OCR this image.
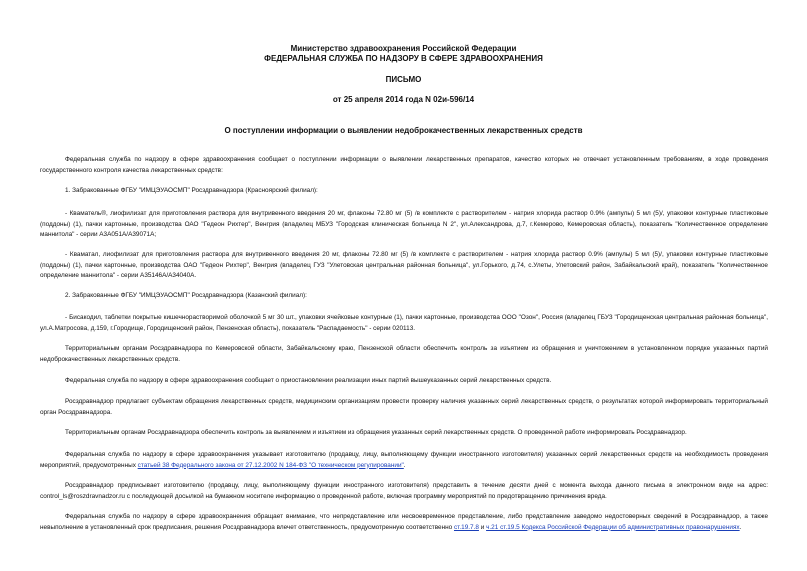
Министерство здравоохранения Российской Федерации
ФЕДЕРАЛЬНАЯ СЛУЖБА ПО НАДЗОРУ В СФЕРЕ ЗДРАВООХРАНЕНИЯ
ПИСЬМО
от 25 апреля 2014 года N 02и-596/14
О поступлении информации о выявлении недоброкачественных лекарственных средств

Федеральная служба по надзору в сфере здравоохранения сообщает о поступлении информации о выявлении лекарственных препаратов, качество которых не отвечает установленным требованиям, в ходе проведения государственного контроля качества лекарственных средств:

1. Забракованные ФГБУ "ИМЦЭУАОСМП" Росздравнадзора (Красноярский филиал):

- Кваматель®, лиофилизат для приготовления раствора для внутривенного введения 20 мг, флаконы 72.80 мг (5) /в комплекте с растворителем - натрия хлорида раствор 0.9% (ампулы) 5 мл (5)/, упаковки контурные пластиковые (поддоны) (1), пачки картонные, производства ОАО "Гедеон Рихтер", Венгрия (владелец МБУЗ "Городская клиническая больница N 2", ул.Александрова, д.7, г.Кемерово, Кемеровская область), показатель "Количественное определение маннитола" - серии A3A051A/A39071A;

- Кваматал, лиофилизат для приготовления раствора для внутривенного введения 20 мг, флаконы 72.80 мг (5) /в комплекте с растворителем - натрия хлорида раствор 0.9% (ампулы) 5 мл (5)/, упаковки контурные пластиковые (поддоны) (1), пачки картонные, производства ОАО "Гедеон Рихтер", Венгрия (владелец ГУЗ "Улетовская центральная районная больница", ул.Горького, д.74, с.Улеты, Улетовский район, Забайкальский край), показатель "Количественное определение маннитола" - серии A35146A/A34040A.

2. Забракованные ФГБУ "ИМЦЭУАОСМП" Росздравнадзора (Казанский филиал):

- Бисакодил, таблетки покрытые кишечнорастворимой оболочкой 5 мг 30 шт., упаковки ячейковые контурные (1), пачки картонные, производства ООО "Озон", Россия (владелец ГБУЗ "Городищенская центральная районная больница", ул.А.Матросова, д.159, г.Городище, Городищенский район, Пензенская область), показатель "Распадаемость" - серии 020113.

Территориальным органам Росздравнадзора по Кемеровской области, Забайкальскому краю, Пензенской области обеспечить контроль за изъятием из обращения и уничтожением в установленном порядке указанных партий недоброкачественных лекарственных средств.

Федеральная служба по надзору в сфере здравоохранения сообщает о приостановлении реализации иных партий вышеуказанных серий лекарственных средств.

Росздравнадзор предлагает субъектам обращения лекарственных средств, медицинским организациям провести проверку наличия указанных серий лекарственных средств, о результатах которой информировать территориальный орган Росздравнадзора.

Территориальным органам Росздравнадзора обеспечить контроль за выявлением и изъятием из обращения указанных серий лекарственных средств. О проведенной работе информировать Росздравнадзор.

Федеральная служба по надзору в сфере здравоохранения указывает изготовителю (продавцу, лицу, выполняющему функции иностранного изготовителя) указанных серий лекарственных средств на необходимость проведения мероприятий, предусмотренных статьей 38 Федерального закона от 27.12.2002 N 184-ФЗ "О техническом регулировании".

Росздравнадзор предписывает изготовителю (продавцу, лицу, выполняющему функции иностранного изготовителя) представить в течение десяти дней с момента выхода данного письма в электронном виде на адрес: control_ls@roszdravnadzor.ru с последующей досылкой на бумажном носителе информацию о проведенной работе, включая программу мероприятий по предотвращению причинения вреда.

Федеральная служба по надзору в сфере здравоохранения обращает внимание, что непредставление или несвоевременное представление, либо представление заведомо недостоверных сведений в Росздравнадзор, а также невыполнение в установленный срок предписания, решения Росздравнадзора влечет ответственность, предусмотренную соответственно ст.19.7.8 и ч.21 ст.19.5 Кодекса Российской Федерации об административных правонарушениях.
